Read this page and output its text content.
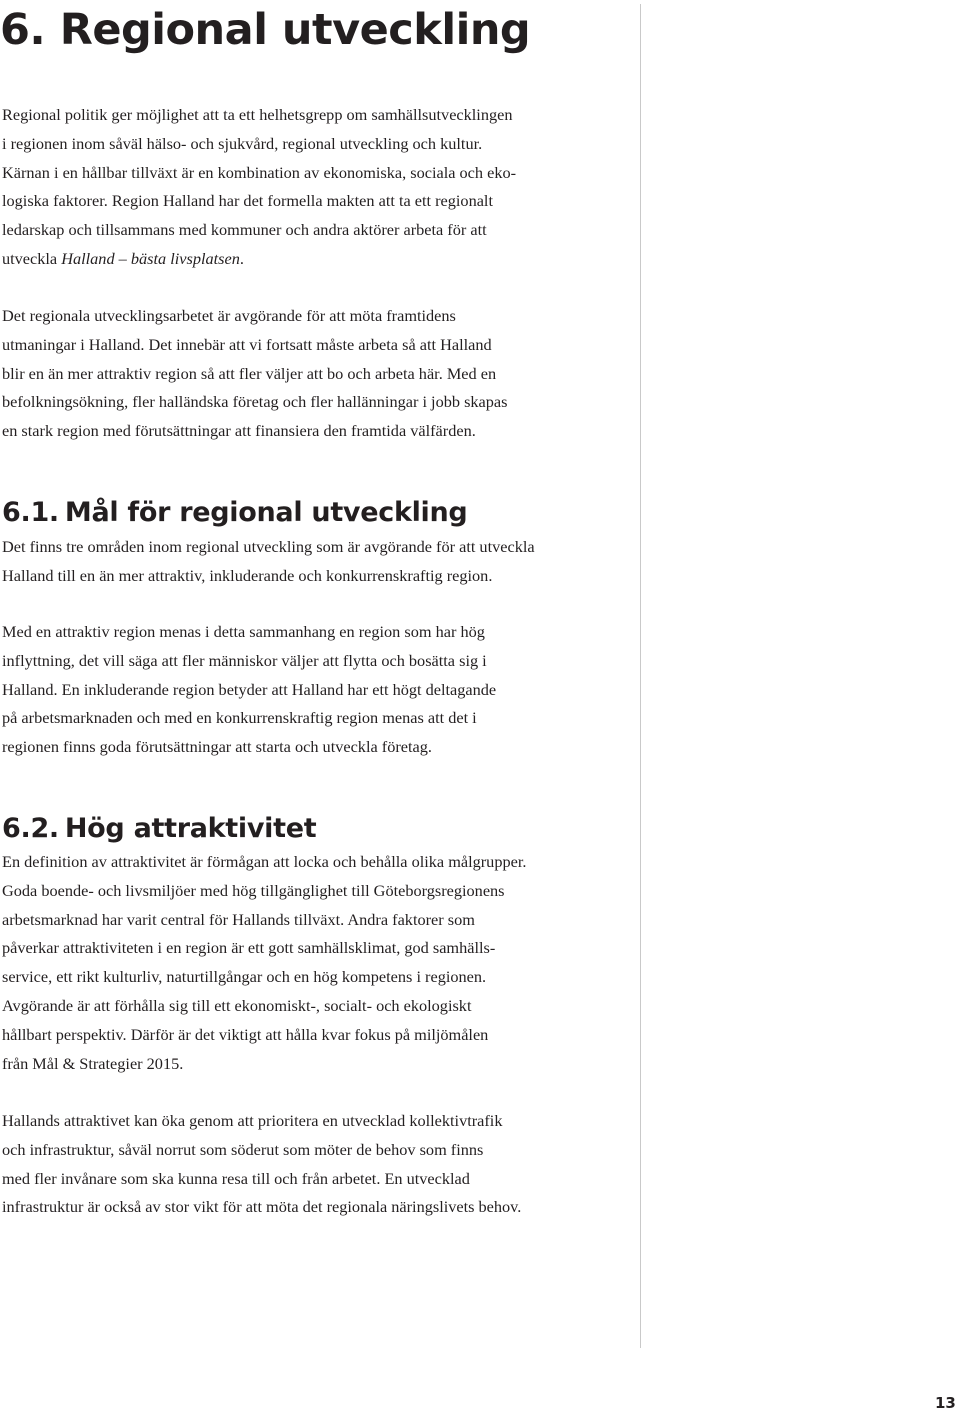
6. Regional utveckling
Regional politik ger möjlighet att ta ett helhetsgrepp om samhällsutvecklingen
i regionen inom såväl hälso- och sjukvård, regional utveckling och kultur.
Kärnan i en hållbar tillväxt är en kombination av ekonomiska, sociala och eko-
logiska faktorer. Region Halland har det formella makten att ta ett regionalt
ledarskap och tillsammans med kommuner och andra aktörer arbeta för att
utveckla Halland – bästa livsplatsen.
Det regionala utvecklingsarbetet är avgörande för att möta framtidens
utmaningar i Halland. Det innebär att vi fortsatt måste arbeta så att Halland
blir en än mer attraktiv region så att fler väljer att bo och arbeta här. Med en
befolkningsökning, fler halländska företag och fler hallänningar i jobb skapas
en stark region med förutsättningar att finansiera den framtida välfärden.
6.1. Mål för regional utveckling
Det finns tre områden inom regional utveckling som är avgörande för att utveckla
Halland till en än mer attraktiv, inkluderande och konkurrenskraftig region.
Med en attraktiv region menas i detta sammanhang en region som har hög
inflyttning, det vill säga att fler människor väljer att flytta och bosätta sig i
Halland. En inkluderande region betyder att Halland har ett högt deltagande
på arbetsmarknaden och med en konkurrenskraftig region menas att det i
regionen finns goda förutsättningar att starta och utveckla företag.
6.2. Hög attraktivitet
En definition av attraktivitet är förmågan att locka och behålla olika målgrupper.
Goda boende- och livsmiljöer med hög tillgänglighet till Göteborgsregionens
arbetsmarknad har varit central för Hallands tillväxt. Andra faktorer som
påverkar attraktiviteten i en region är ett gott samhällsklimat, god samhälls-
service, ett rikt kulturliv, naturtillgångar och en hög kompetens i regionen.
Avgörande är att förhålla sig till ett ekonomiskt-, socialt- och ekologiskt
hållbart perspektiv. Därför är det viktigt att hålla kvar fokus på miljömålen
från Mål & Strategier 2015.
Hallands attraktivet kan öka genom att prioritera en utvecklad kollektivtrafik
och infrastruktur, såväl norrut som söderut som möter de behov som finns
med fler invånare som ska kunna resa till och från arbetet. En utvecklad
infrastruktur är också av stor vikt för att möta det regionala näringslivets behov.
13
